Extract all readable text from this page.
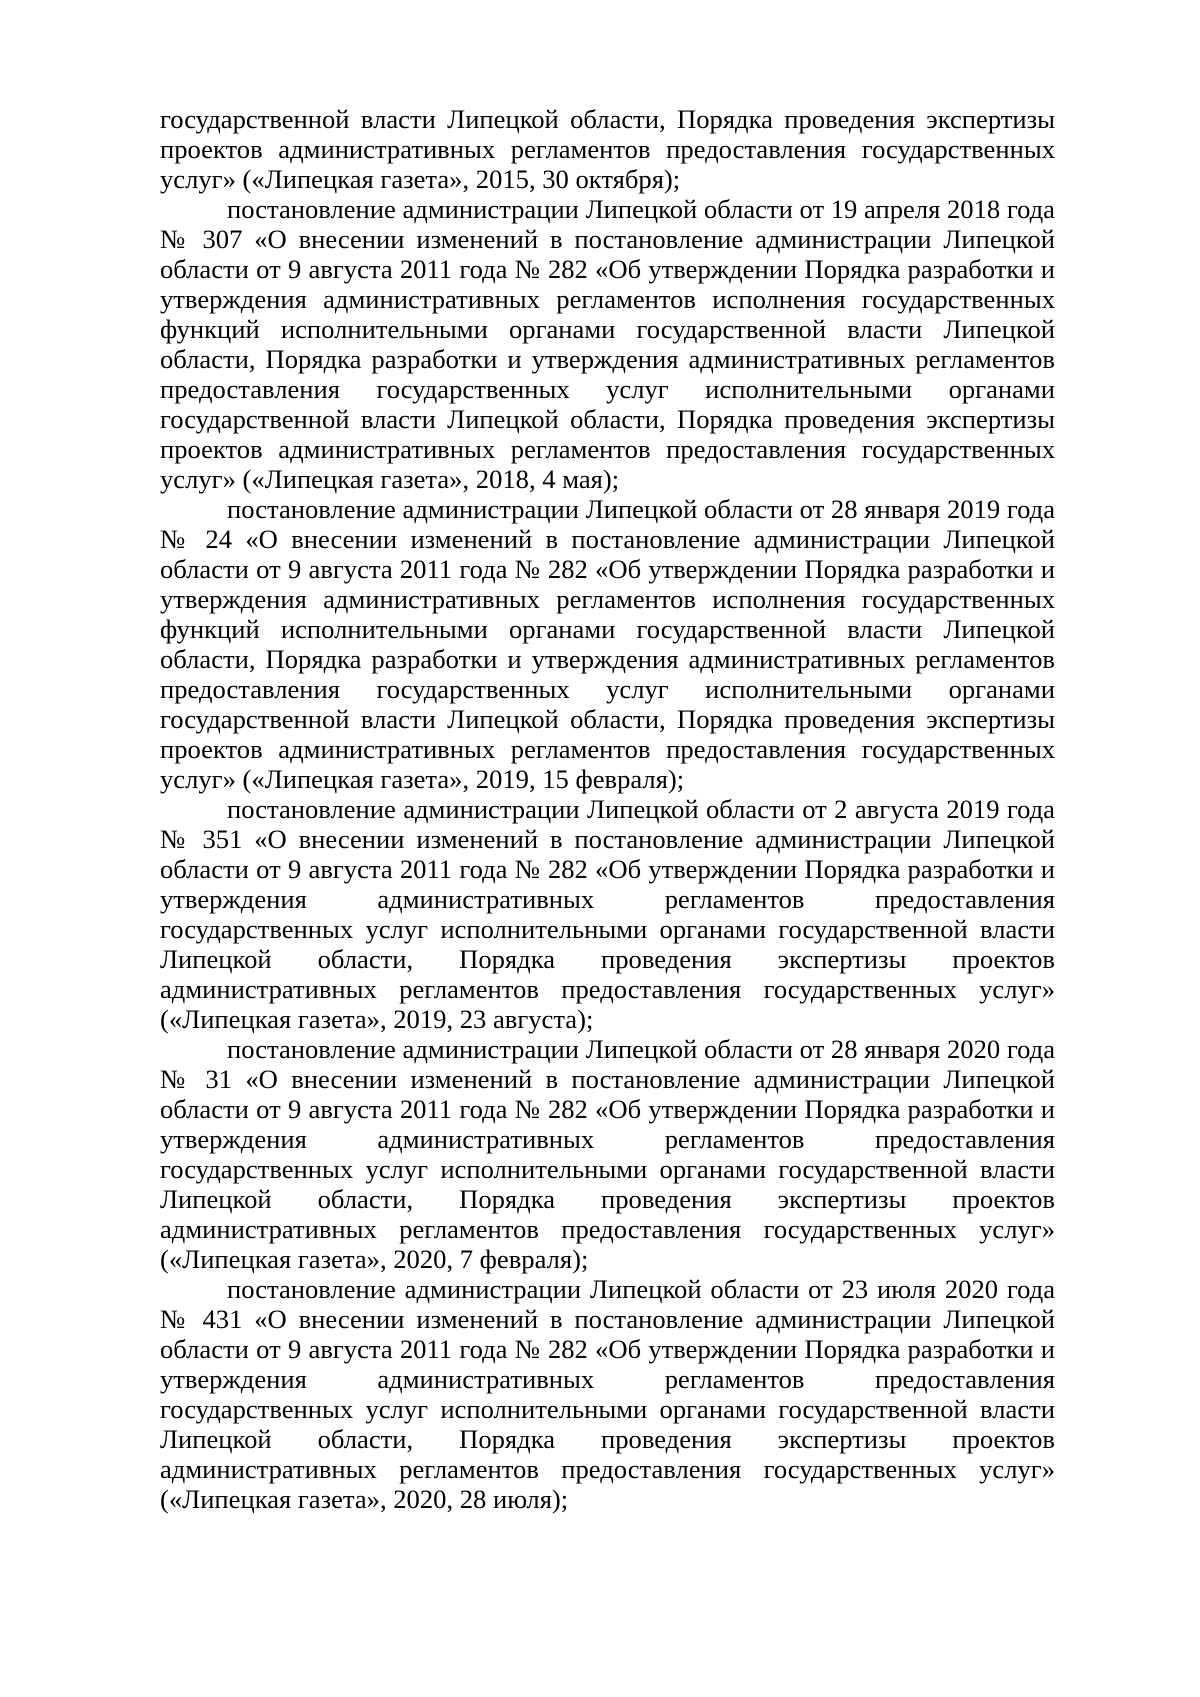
государственной власти Липецкой области, Порядка проведения экспертизы проектов административных регламентов предоставления государственных услуг» («Липецкая газета», 2015, 30 октября);

постановление администрации Липецкой области от 19 апреля 2018 года № 307 «О внесении изменений в постановление администрации Липецкой области от 9 августа 2011 года № 282 «Об утверждении Порядка разработки и утверждения административных регламентов исполнения государственных функций исполнительными органами государственной власти Липецкой области, Порядка разработки и утверждения административных регламентов предоставления государственных услуг исполнительными органами государственной власти Липецкой области, Порядка проведения экспертизы проектов административных регламентов предоставления государственных услуг» («Липецкая газета», 2018, 4 мая);

постановление администрации Липецкой области от 28 января 2019 года № 24 «О внесении изменений в постановление администрации Липецкой области от 9 августа 2011 года № 282 «Об утверждении Порядка разработки и утверждения административных регламентов исполнения государственных функций исполнительными органами государственной власти Липецкой области, Порядка разработки и утверждения административных регламентов предоставления государственных услуг исполнительными органами государственной власти Липецкой области, Порядка проведения экспертизы проектов административных регламентов предоставления государственных услуг» («Липецкая газета», 2019, 15 февраля);

постановление администрации Липецкой области от 2 августа 2019 года № 351 «О внесении изменений в постановление администрации Липецкой области от 9 августа 2011 года № 282 «Об утверждении Порядка разработки и утверждения административных регламентов предоставления государственных услуг исполнительными органами государственной власти Липецкой области, Порядка проведения экспертизы проектов административных регламентов предоставления государственных услуг» («Липецкая газета», 2019, 23 августа);

постановление администрации Липецкой области от 28 января 2020 года № 31 «О внесении изменений в постановление администрации Липецкой области от 9 августа 2011 года № 282 «Об утверждении Порядка разработки и утверждения административных регламентов предоставления государственных услуг исполнительными органами государственной власти Липецкой области, Порядка проведения экспертизы проектов административных регламентов предоставления государственных услуг» («Липецкая газета», 2020, 7 февраля);

постановление администрации Липецкой области от 23 июля 2020 года № 431 «О внесении изменений в постановление администрации Липецкой области от 9 августа 2011 года № 282 «Об утверждении Порядка разработки и утверждения административных регламентов предоставления государственных услуг исполнительными органами государственной власти Липецкой области, Порядка проведения экспертизы проектов административных регламентов предоставления государственных услуг» («Липецкая газета», 2020, 28 июля);
